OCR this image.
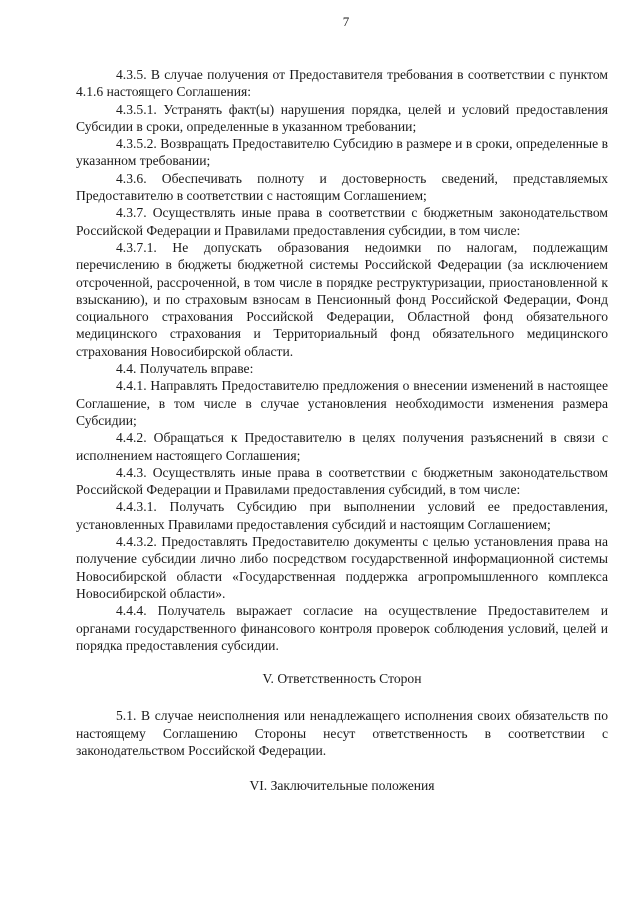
7

4.3.5. В случае получения от Предоставителя требования в соответствии с пунктом 4.1.6 настоящего Соглашения:

4.3.5.1. Устранять факт(ы) нарушения порядка, целей и условий предоставления Субсидии в сроки, определенные в указанном требовании;

4.3.5.2. Возвращать Предоставителю Субсидию в размере и в сроки, определенные в указанном требовании;

4.3.6. Обеспечивать полноту и достоверность сведений, представляемых Предоставителю в соответствии с настоящим Соглашением;

4.3.7. Осуществлять иные права в соответствии с бюджетным законодательством Российской Федерации и Правилами предоставления субсидии, в том числе:

4.3.7.1. Не допускать образования недоимки по налогам, подлежащим перечислению в бюджеты бюджетной системы Российской Федерации (за исключением отсроченной, рассроченной, в том числе в порядке реструктуризации, приостановленной к взысканию), и по страховым взносам в Пенсионный фонд Российской Федерации, Фонд социального страхования Российской Федерации, Областной фонд обязательного медицинского страхования и Территориальный фонд обязательного медицинского страхования Новосибирской области.

4.4. Получатель вправе:

4.4.1. Направлять Предоставителю предложения о внесении изменений в настоящее Соглашение, в том числе в случае установления необходимости изменения размера Субсидии;

4.4.2. Обращаться к Предоставителю в целях получения разъяснений в связи с исполнением настоящего Соглашения;

4.4.3. Осуществлять иные права в соответствии с бюджетным законодательством Российской Федерации и Правилами предоставления субсидий, в том числе:

4.4.3.1. Получать Субсидию при выполнении условий ее предоставления, установленных Правилами предоставления субсидий и настоящим Соглашением;

4.4.3.2. Предоставлять Предоставителю документы с целью установления права на получение субсидии лично либо посредством государственной информационной системы Новосибирской области «Государственная поддержка агропромышленного комплекса Новосибирской области».

4.4.4. Получатель выражает согласие на осуществление Предоставителем и органами государственного финансового контроля проверок соблюдения условий, целей и порядка предоставления субсидии.

V. Ответственность Сторон

5.1. В случае неисполнения или ненадлежащего исполнения своих обязательств по настоящему Соглашению Стороны несут ответственность в соответствии с законодательством Российской Федерации.

VI. Заключительные положения
